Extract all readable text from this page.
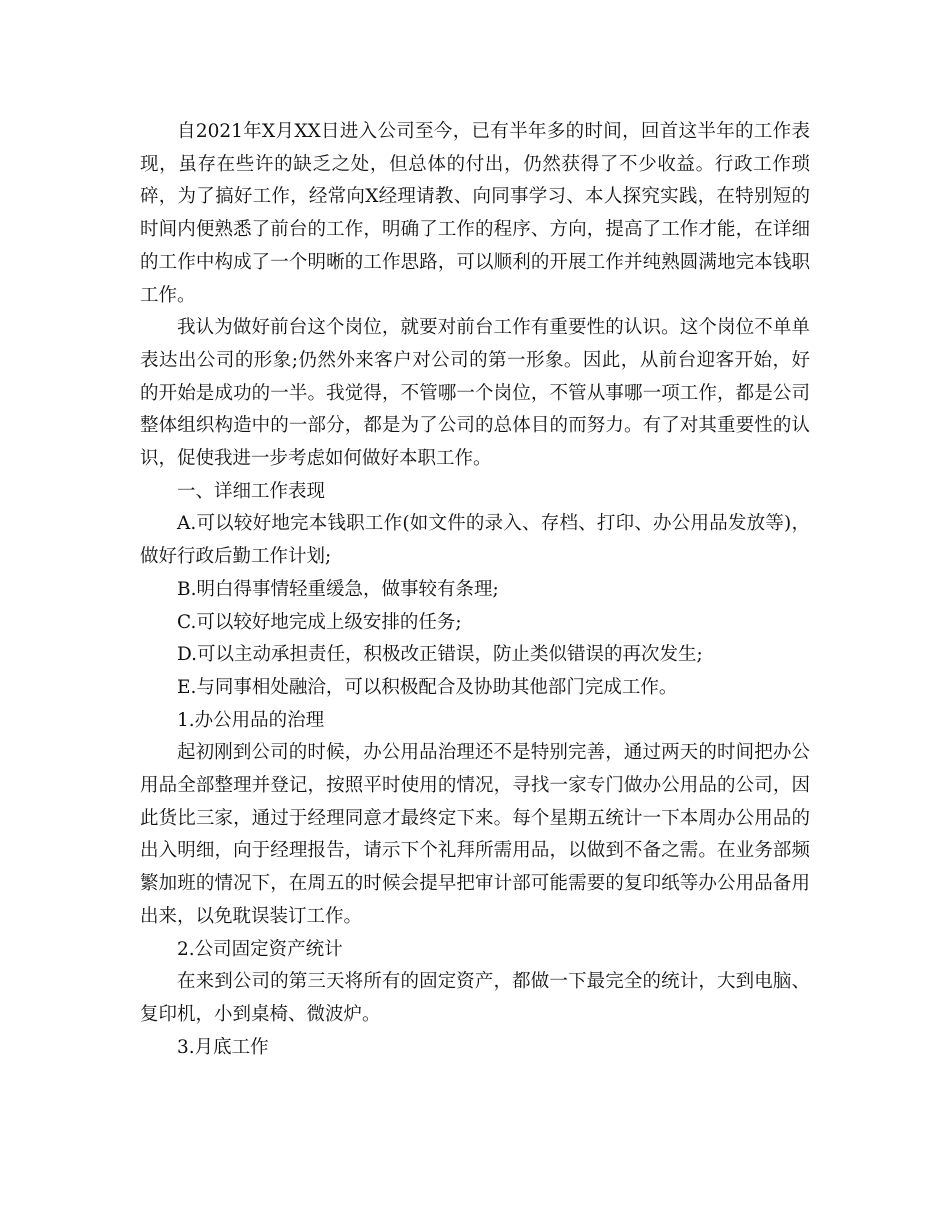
自2021年X月XX日进入公司至今，已有半年多的时间，回首这半年的工作表现，虽存在些许的缺乏之处，但总体的付出，仍然获得了不少收益。行政工作琐碎，为了搞好工作，经常向X经理请教、向同事学习、本人探究实践，在特别短的时间内便熟悉了前台的工作，明确了工作的程序、方向，提高了工作才能，在详细的工作中构成了一个明晰的工作思路，可以顺利的开展工作并纯熟圆满地完本钱职工作。

我认为做好前台这个岗位，就要对前台工作有重要性的认识。这个岗位不单单表达出公司的形象;仍然外来客户对公司的第一形象。因此，从前台迎客开始，好的开始是成功的一半。我觉得，不管哪一个岗位，不管从事哪一项工作，都是公司整体组织构造中的一部分，都是为了公司的总体目的而努力。有了对其重要性的认识，促使我进一步考虑如何做好本职工作。

一、详细工作表现

A.可以较好地完本钱职工作(如文件的录入、存档、打印、办公用品发放等)，做好行政后勤工作计划;

B.明白得事情轻重缓急，做事较有条理;

C.可以较好地完成上级安排的任务;

D.可以主动承担责任，积极改正错误，防止类似错误的再次发生;

E.与同事相处融洽，可以积极配合及协助其他部门完成工作。

1.办公用品的治理

起初刚到公司的时候，办公用品治理还不是特别完善，通过两天的时间把办公用品全部整理并登记，按照平时使用的情况，寻找一家专门做办公用品的公司，因此货比三家，通过于经理同意才最终定下来。每个星期五统计一下本周办公用品的出入明细，向于经理报告，请示下个礼拜所需用品，以做到不备之需。在业务部频繁加班的情况下，在周五的时候会提早把审计部可能需要的复印纸等办公用品备用出来，以免耽误装订工作。

2.公司固定资产统计

在来到公司的第三天将所有的固定资产，都做一下最完全的统计，大到电脑、复印机，小到桌椅、微波炉。

3.月底工作
